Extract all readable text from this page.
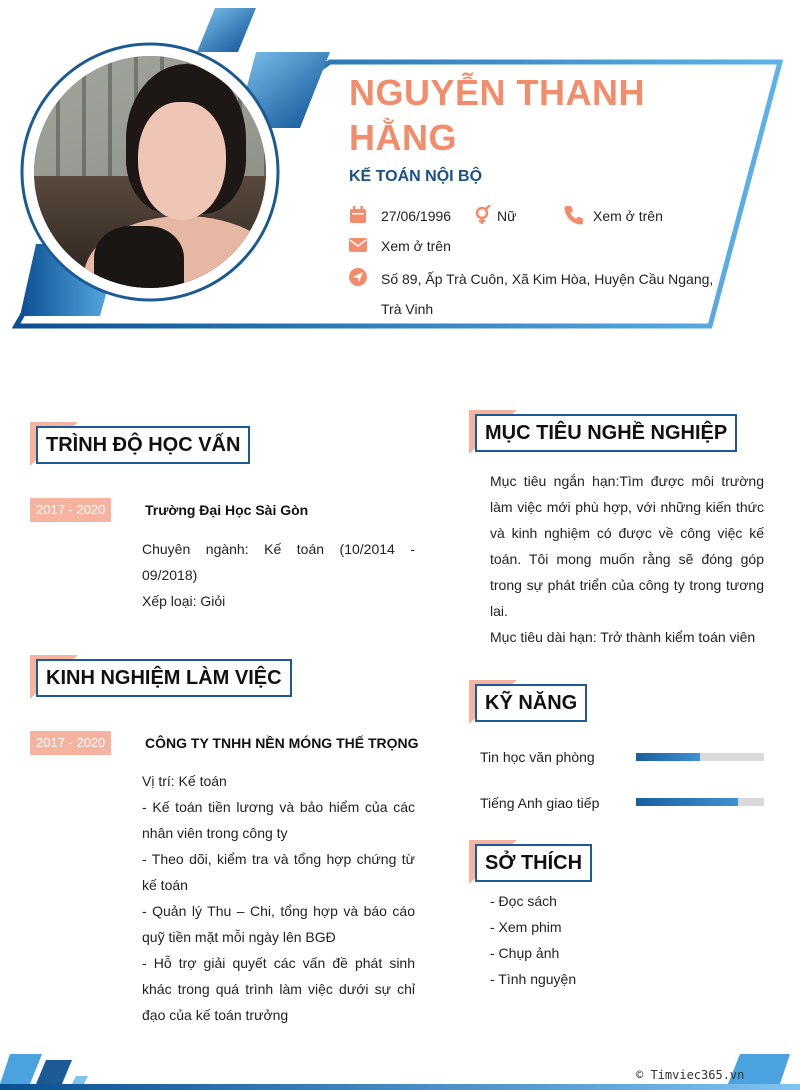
NGUYỄN THANH HẰNG
KẾ TOÁN NỘI BỘ
27/06/1996	Nữ	Xem ở trên
Xem ở trên
Số 89, Ấp Trà Cuôn, Xã Kim Hòa, Huyện Cầu Ngang, Trà Vinh
TRÌNH ĐỘ HỌC VẤN
2017 - 2020	Trường Đại Học Sài Gòn
Chuyên ngành: Kế toán (10/2014 - 09/2018)
Xếp loại: Giỏi
KINH NGHIỆM LÀM VIỆC
2017 - 2020	CÔNG TY TNHH NỀN MÓNG THẾ TRỌNG
Vị trí: Kế toán
- Kế toán tiền lương và bảo hiểm của các nhân viên trong công ty
- Theo dõi, kiểm tra và tổng hợp chứng từ kế toán
- Quản lý Thu – Chi, tổng hợp và báo cáo quỹ tiền mặt mỗi ngày lên BGĐ
- Hỗ trợ giải quyết các vấn đề phát sinh khác trong quá trình làm việc dưới sự chỉ đạo của kế toán trưởng
MỤC TIÊU NGHỀ NGHIỆP
Mục tiêu ngắn hạn:Tìm được môi trường làm việc mới phù hợp, với những kiến thức và kinh nghiệm có được về công việc kế toán. Tôi mong muốn rằng sẽ đóng góp trong sự phát triển của công ty trong tương lai.
Mục tiêu dài hạn: Trở thành kiểm toán viên
KỸ NĂNG
Tin học văn phòng
Tiếng Anh giao tiếp
SỞ THÍCH
- Đọc sách
- Xem phim
- Chụp ảnh
- Tình nguyện
© Timviec365.vn
